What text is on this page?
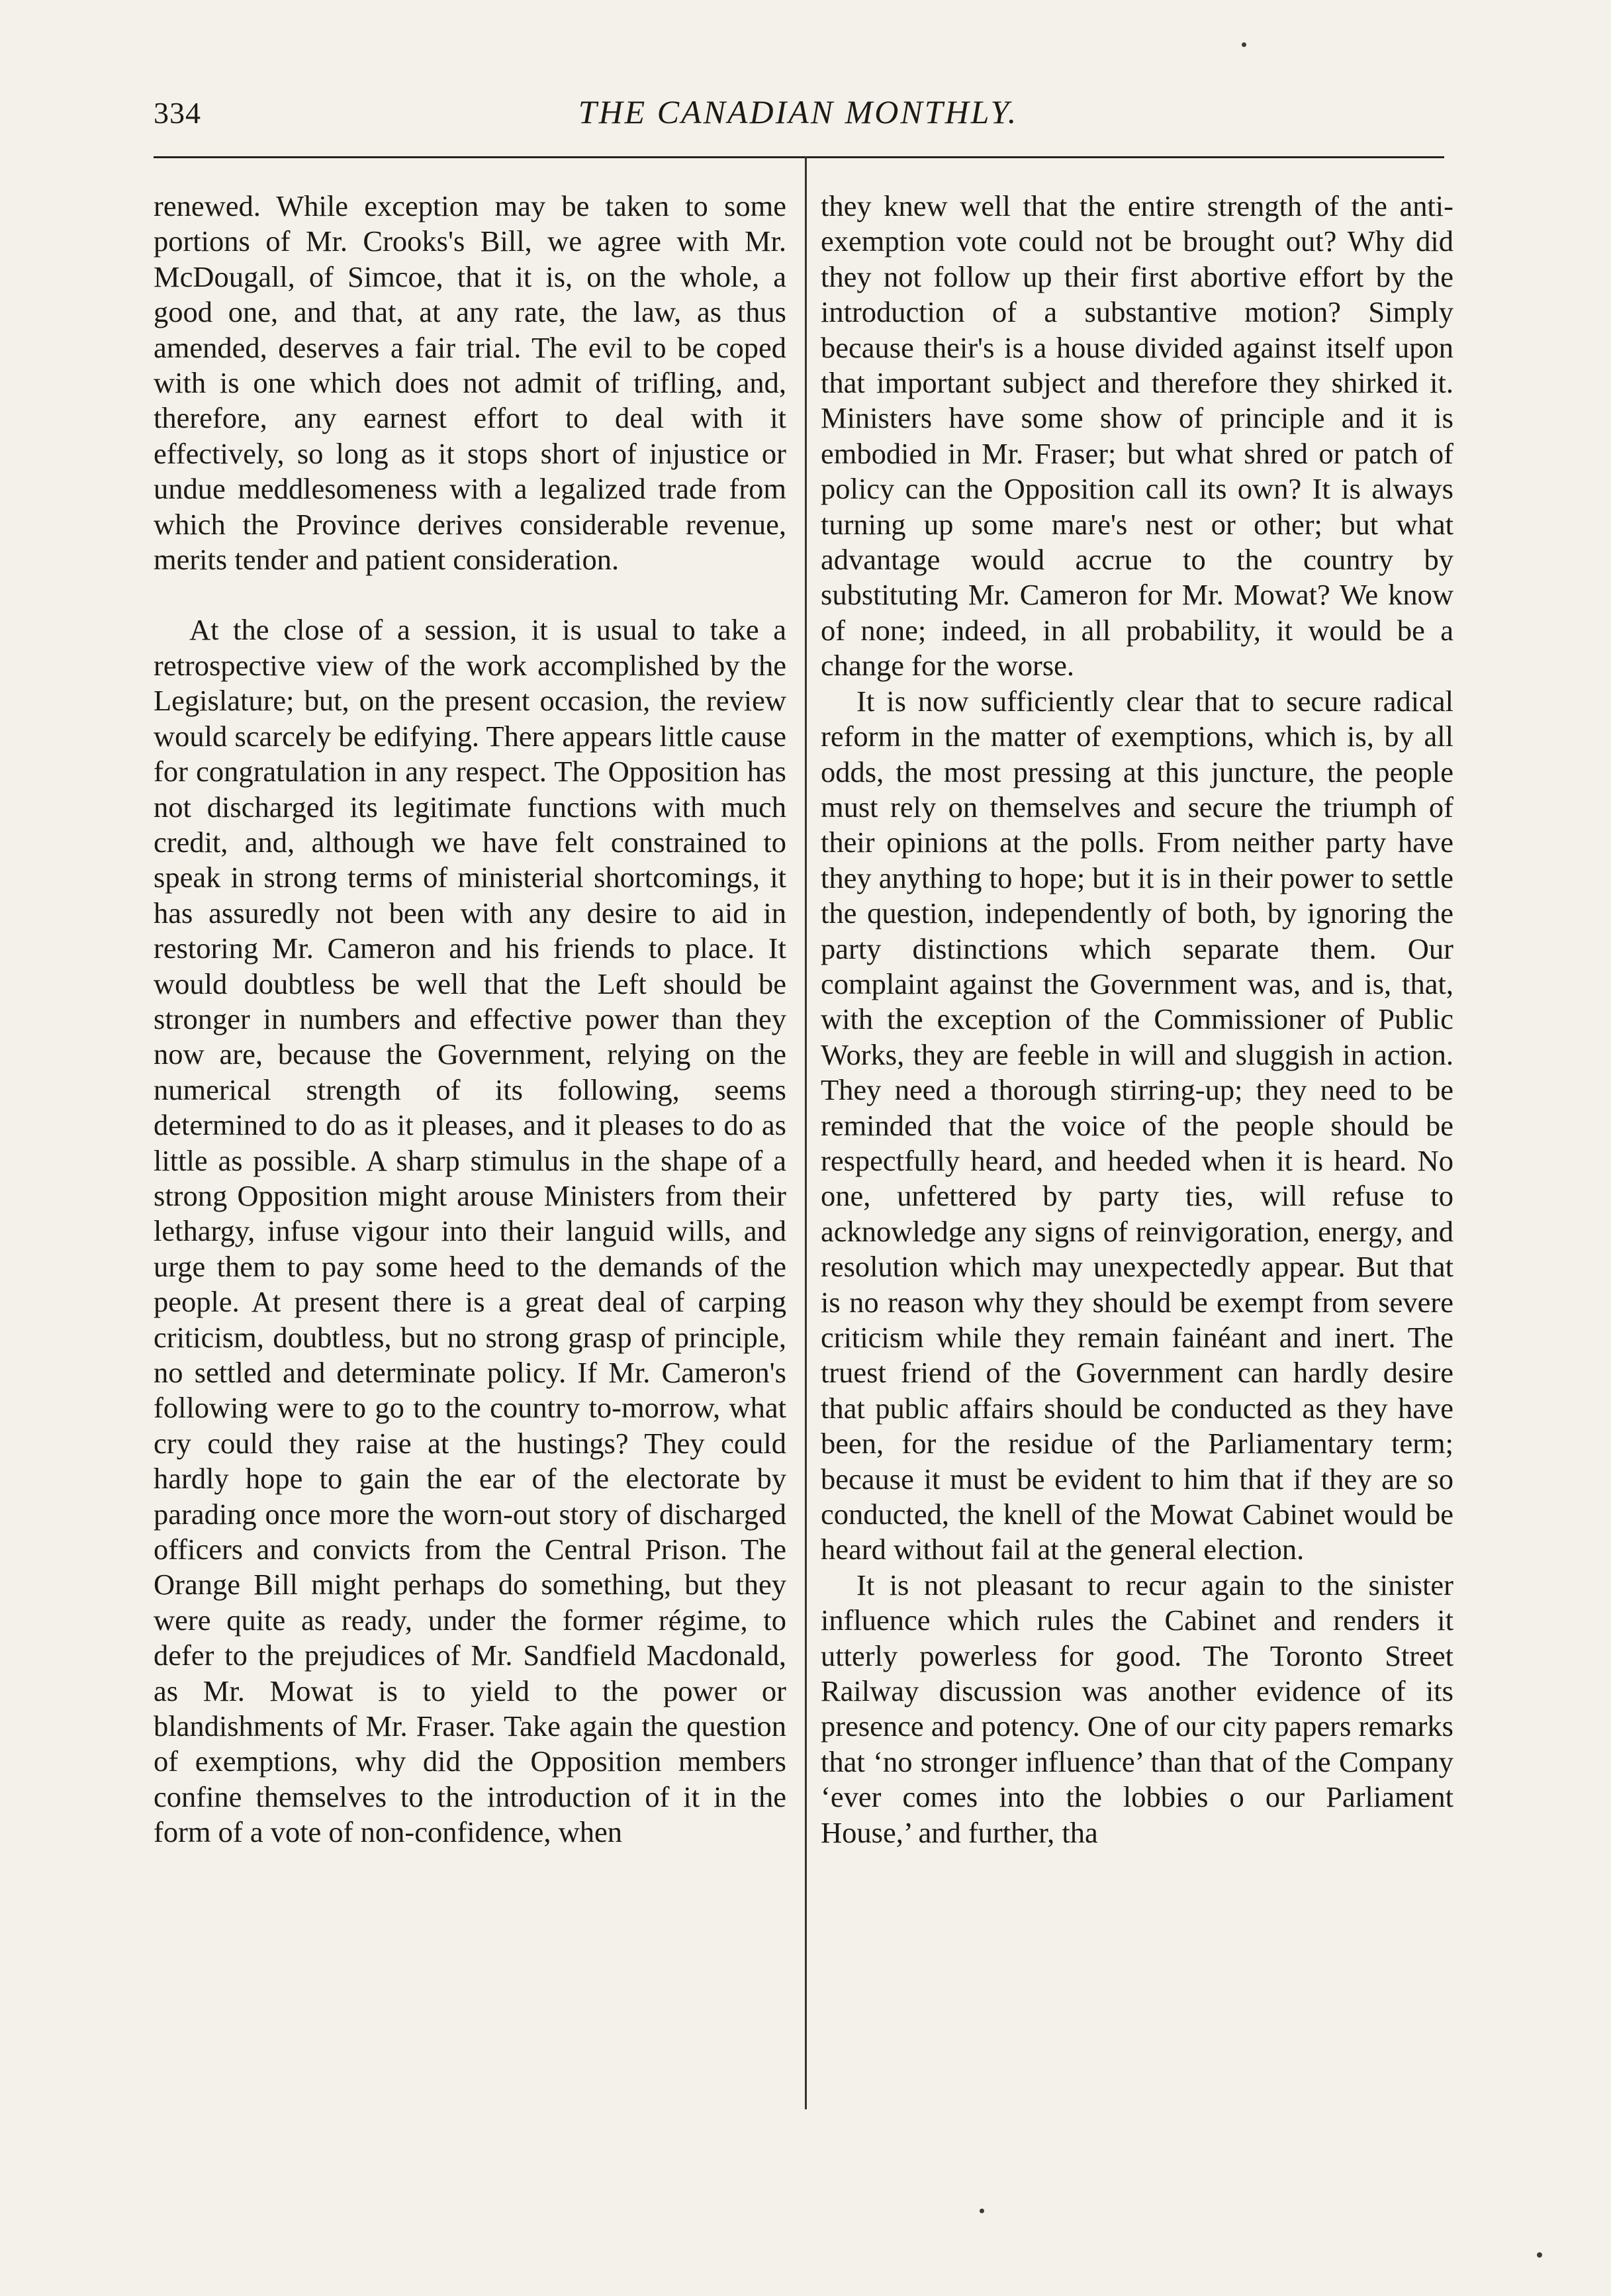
334	THE CANADIAN MONTHLY.

renewed. While exception may be taken to some portions of Mr. Crooks's Bill, we agree with Mr. McDougall, of Simcoe, that it is, on the whole, a good one, and that, at any rate, the law, as thus amended, deserves a fair trial. The evil to be coped with is one which does not admit of trifling, and, therefore, any earnest effort to deal with it effectively, so long as it stops short of injustice or undue meddlesomeness with a legalized trade from which the Province derives considerable revenue, merits tender and patient consideration.

At the close of a session, it is usual to take a retrospective view of the work accomplished by the Legislature; but, on the present occasion, the review would scarcely be edifying. There appears little cause for congratulation in any respect. The Opposition has not discharged its legitimate functions with much credit, and, although we have felt constrained to speak in strong terms of ministerial shortcomings, it has assuredly not been with any desire to aid in restoring Mr. Cameron and his friends to place. It would doubtless be well that the Left should be stronger in numbers and effective power than they now are, because the Government, relying on the numerical strength of its following, seems determined to do as it pleases, and it pleases to do as little as possible. A sharp stimulus in the shape of a strong Opposition might arouse Ministers from their lethargy, infuse vigour into their languid wills, and urge them to pay some heed to the demands of the people. At present there is a great deal of carping criticism, doubtless, but no strong grasp of principle, no settled and determinate policy. If Mr. Cameron's following were to go to the country to-morrow, what cry could they raise at the hustings? They could hardly hope to gain the ear of the electorate by parading once more the worn-out story of discharged officers and convicts from the Central Prison. The Orange Bill might perhaps do something, but they were quite as ready, under the former régime, to defer to the prejudices of Mr. Sandfield Macdonald, as Mr. Mowat is to yield to the power or blandishments of Mr. Fraser. Take again the question of exemptions, why did the Opposition members confine themselves to the introduction of it in the form of a vote of non-confidence, when

they knew well that the entire strength of the anti-exemption vote could not be brought out? Why did they not follow up their first abortive effort by the introduction of a substantive motion? Simply because their's is a house divided against itself upon that important subject and therefore they shirked it. Ministers have some show of principle and it is embodied in Mr. Fraser; but what shred or patch of policy can the Opposition call its own? It is always turning up some mare's nest or other; but what advantage would accrue to the country by substituting Mr. Cameron for Mr. Mowat? We know of none; indeed, in all probability, it would be a change for the worse.

It is now sufficiently clear that to secure radical reform in the matter of exemptions, which is, by all odds, the most pressing at this juncture, the people must rely on themselves and secure the triumph of their opinions at the polls. From neither party have they anything to hope; but it is in their power to settle the question, independently of both, by ignoring the party distinctions which separate them. Our complaint against the Government was, and is, that, with the exception of the Commissioner of Public Works, they are feeble in will and sluggish in action. They need a thorough stirring-up; they need to be reminded that the voice of the people should be respectfully heard, and heeded when it is heard. No one, unfettered by party ties, will refuse to acknowledge any signs of reinvigoration, energy, and resolution which may unexpectedly appear. But that is no reason why they should be exempt from severe criticism while they remain fainéant and inert. The truest friend of the Government can hardly desire that public affairs should be conducted as they have been, for the residue of the Parliamentary term; because it must be evident to him that if they are so conducted, the knell of the Mowat Cabinet would be heard without fail at the general election.

It is not pleasant to recur again to the sinister influence which rules the Cabinet and renders it utterly powerless for good. The Toronto Street Railway discussion was another evidence of its presence and potency. One of our city papers remarks that ‘no stronger influence’ than that of the Company ‘ever comes into the lobbies o our Parliament House,’ and further, tha
